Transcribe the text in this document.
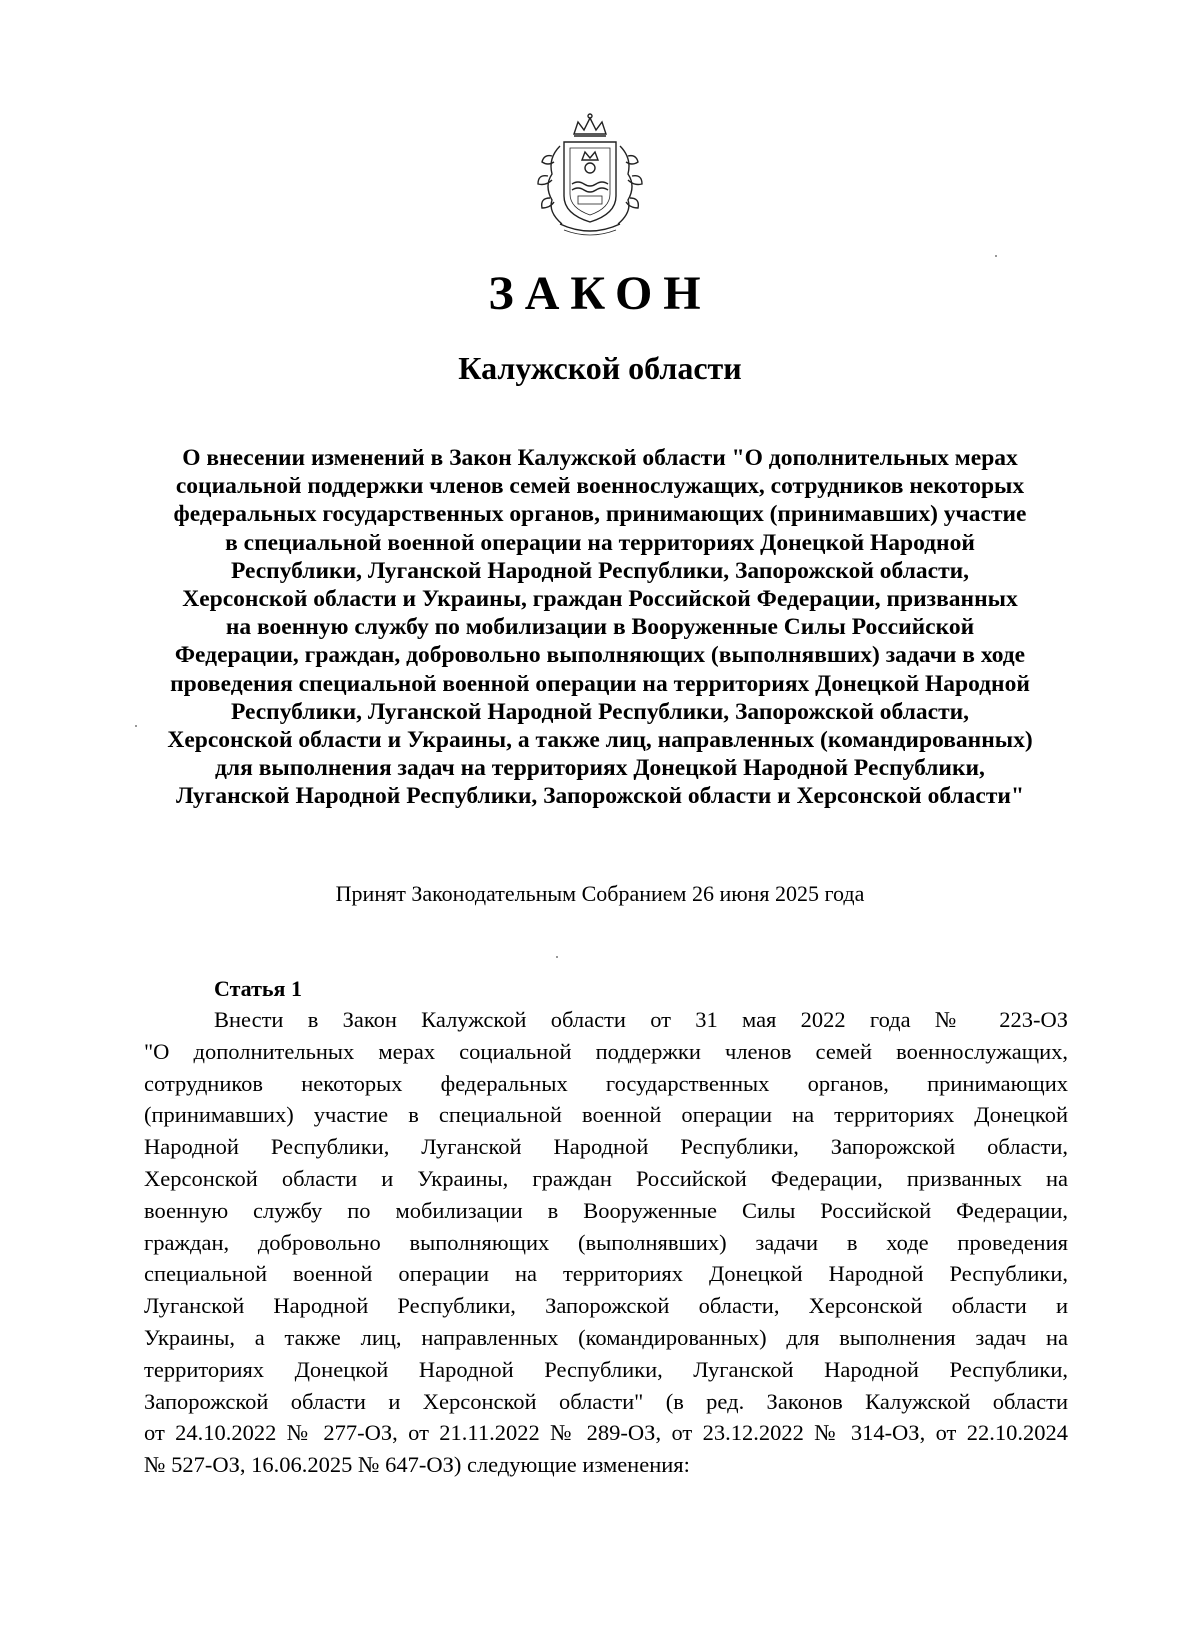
ЗАКОН
Калужской области
О внесении изменений в Закон Калужской области "О дополнительных мерах
социальной поддержки членов семей военнослужащих, сотрудников некоторых
федеральных государственных органов, принимающих (принимавших) участие
в специальной военной операции на территориях Донецкой Народной
Республики, Луганской Народной Республики, Запорожской области,
Херсонской области и Украины, граждан Российской Федерации, призванных
на военную службу по мобилизации в Вооруженные Силы Российской
Федерации, граждан, добровольно выполняющих (выполнявших) задачи в ходе
проведения специальной военной операции на территориях Донецкой Народной
Республики, Луганской Народной Республики, Запорожской области,
Херсонской области и Украины, а также лиц, направленных (командированных)
для выполнения задач на территориях Донецкой Народной Республики,
Луганской Народной Республики, Запорожской области и Херсонской области"
Принят Законодательным Собранием 26 июня 2025 года
Статья 1
Внести в Закон Калужской области от 31 мая 2022 года № 223-ОЗ
"О дополнительных мерах социальной поддержки членов семей военнослужащих,
сотрудников некоторых федеральных государственных органов, принимающих
(принимавших) участие в специальной военной операции на территориях Донецкой
Народной Республики, Луганской Народной Республики, Запорожской области,
Херсонской области и Украины, граждан Российской Федерации, призванных на
военную службу по мобилизации в Вооруженные Силы Российской Федерации,
граждан, добровольно выполняющих (выполнявших) задачи в ходе проведения
специальной военной операции на территориях Донецкой Народной Республики,
Луганской Народной Республики, Запорожской области, Херсонской области и
Украины, а также лиц, направленных (командированных) для выполнения задач на
территориях Донецкой Народной Республики, Луганской Народной Республики,
Запорожской области и Херсонской области" (в ред. Законов Калужской области
от 24.10.2022 № 277-ОЗ, от 21.11.2022 № 289-ОЗ, от 23.12.2022 № 314-ОЗ, от 22.10.2024
№ 527-ОЗ, 16.06.2025 № 647-ОЗ) следующие изменения:
